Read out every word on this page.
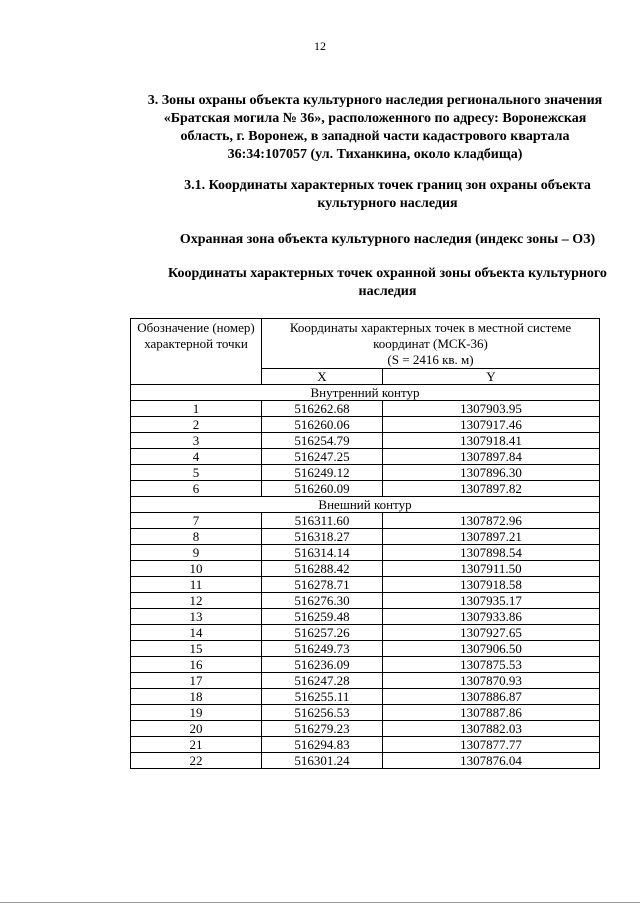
12
3. Зоны охраны объекта культурного наследия регионального значения «Братская могила № 36», расположенного по адресу: Воронежская область, г. Воронеж, в западной части кадастрового квартала 36:34:107057 (ул. Тиханкина, около кладбища)
3.1. Координаты характерных точек границ зон охраны объекта культурного наследия
Охранная зона объекта культурного наследия (индекс зоны – ОЗ)
Координаты характерных точек охранной зоны объекта культурного наследия
Обозначение (номер) характерной точки	Координаты характерных точек в местной системе координат (МСК-36)
(S = 2416 кв. м)	

	X	Y
Внутренний контур		
1	516262.68	1307903.95
2	516260.06	1307917.46
3	516254.79	1307918.41
4	516247.25	1307897.84
5	516249.12	1307896.30
6	516260.09	1307897.82
Внешний контур		
7	516311.60	1307872.96
8	516318.27	1307897.21
9	516314.14	1307898.54
10	516288.42	1307911.50
11	516278.71	1307918.58
12	516276.30	1307935.17
13	516259.48	1307933.86
14	516257.26	1307927.65
15	516249.73	1307906.50
16	516236.09	1307875.53
17	516247.28	1307870.93
18	516255.11	1307886.87
19	516256.53	1307887.86
20	516279.23	1307882.03
21	516294.83	1307877.77
22	516301.24	1307876.04
